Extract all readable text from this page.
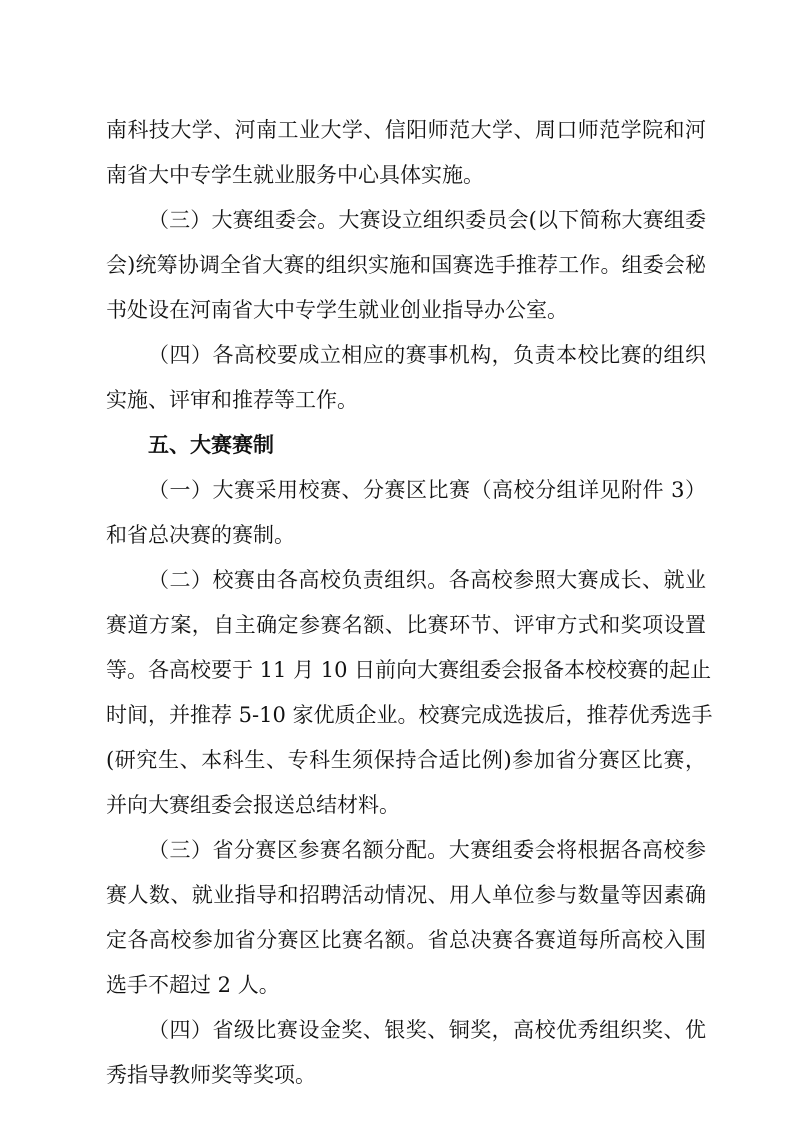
南科技大学、河南工业大学、信阳师范大学、周口师范学院和河
南省大中专学生就业服务中心具体实施。
（三）大赛组委会。大赛设立组织委员会(以下简称大赛组委
会)统筹协调全省大赛的组织实施和国赛选手推荐工作。组委会秘
书处设在河南省大中专学生就业创业指导办公室。
（四）各高校要成立相应的赛事机构，负责本校比赛的组织
实施、评审和推荐等工作。
五、大赛赛制
（一）大赛采用校赛、分赛区比赛（高校分组详见附件 3）
和省总决赛的赛制。
（二）校赛由各高校负责组织。各高校参照大赛成长、就业
赛道方案，自主确定参赛名额、比赛环节、评审方式和奖项设置
等。各高校要于 11 月 10 日前向大赛组委会报备本校校赛的起止
时间，并推荐 5-10 家优质企业。校赛完成选拔后，推荐优秀选手
(研究生、本科生、专科生须保持合适比例)参加省分赛区比赛，
并向大赛组委会报送总结材料。
（三）省分赛区参赛名额分配。大赛组委会将根据各高校参
赛人数、就业指导和招聘活动情况、用人单位参与数量等因素确
定各高校参加省分赛区比赛名额。省总决赛各赛道每所高校入围
选手不超过 2 人。
（四）省级比赛设金奖、银奖、铜奖，高校优秀组织奖、优
秀指导教师奖等奖项。
